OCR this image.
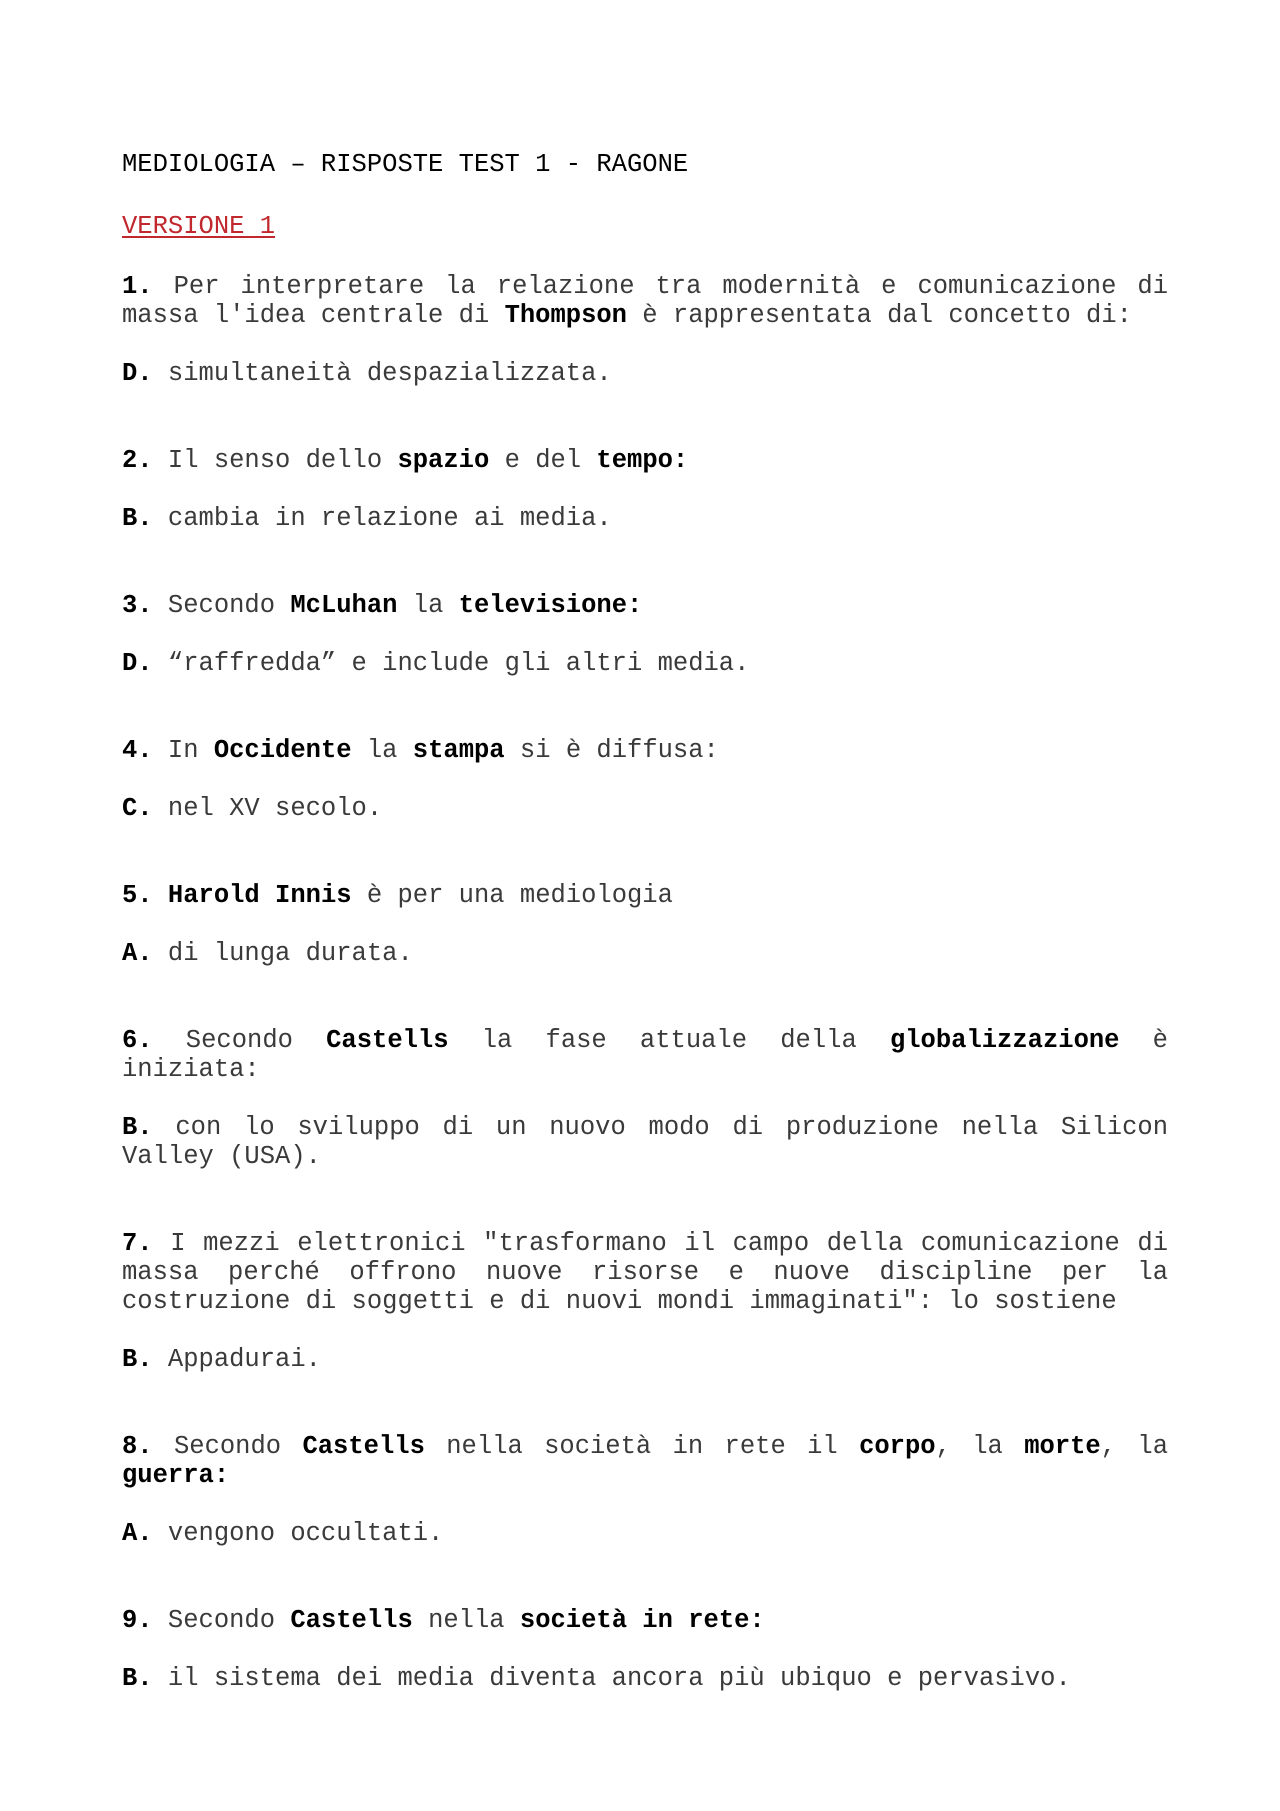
MEDIOLOGIA – RISPOSTE TEST 1 - RAGONE
VERSIONE 1
1. Per interpretare la relazione tra modernità e comunicazione di massa l'idea centrale di Thompson è rappresentata dal concetto di:
D. simultaneità despazializzata.
2. Il senso dello spazio e del tempo:
B. cambia in relazione ai media.
3. Secondo McLuhan la televisione:
D. “raffredda” e include gli altri media.
4. In Occidente la stampa si è diffusa:
C. nel XV secolo.
5. Harold Innis è per una mediologia
A. di lunga durata.
6. Secondo Castells la fase attuale della globalizzazione è iniziata:
B. con lo sviluppo di un nuovo modo di produzione nella Silicon Valley (USA).
7. I mezzi elettronici "trasformano il campo della comunicazione di massa perché offrono nuove risorse e nuove discipline per la costruzione di soggetti e di nuovi mondi immaginati": lo sostiene
B. Appadurai.
8. Secondo Castells nella società in rete il corpo, la morte, la guerra:
A. vengono occultati.
9. Secondo Castells nella società in rete:
B. il sistema dei media diventa ancora più ubiquo e pervasivo.
